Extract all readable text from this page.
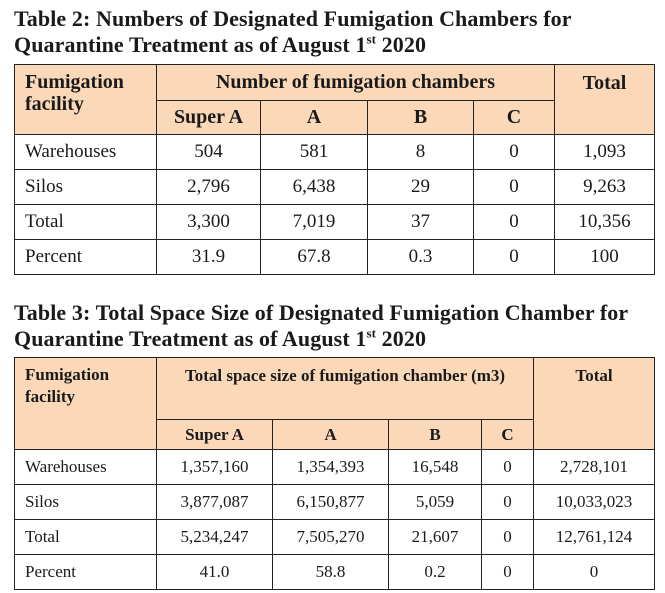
Table 2: Numbers of Designated Fumigation Chambers for Quarantine Treatment as of August 1st 2020
Fumigation facility	Number of fumigation chambers				Total
	Super A	A	B	C	
Warehouses	504	581	8	0	1,093
Silos	2,796	6,438	29	0	9,263
Total	3,300	7,019	37	0	10,356
Percent	31.9	67.8	0.3	0	100
Table 3: Total Space Size of Designated Fumigation Chamber for Quarantine Treatment as of August 1st 2020
Fumigation facility	Total space size of fumigation chamber (m3)				Total
	Super A	A	B	C	
Warehouses	1,357,160	1,354,393	16,548	0	2,728,101
Silos	3,877,087	6,150,877	5,059	0	10,033,023
Total	5,234,247	7,505,270	21,607	0	12,761,124
Percent	41.0	58.8	0.2	0	0
